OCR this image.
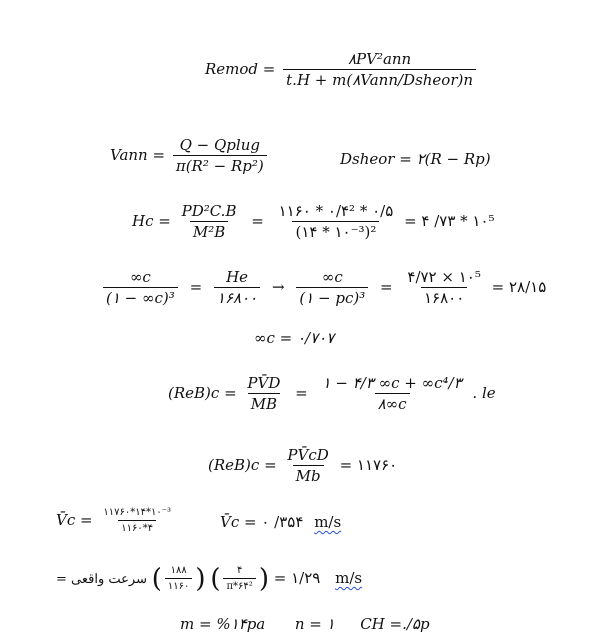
Remod = $\frac{\text{۸PV²ann}}{\text{t.H + m(۸Vann/Dsheor)n}}$
Vann = $\frac{\text{Q − Qplug}}{\text{π(R² − Rp²)}}$	Dsheor = ۲(R − Rp)
$Hc = \frac{\text{PD²C.B}}{\text{M²B}} = \frac{\text{۱۱۶۰ * ۰/۴² * ۰/۵}}{\text{(۱۴ * ۱۰⁻³)²}}$ = ۴ /۷۳ * ۱۰⁵
$\frac{\infty c}{\text{(۱ − ∞c)³}} = \frac{He}{۱۶۸۰۰} \to \frac{\infty c}{\text{(۱ − pc)³}} = \frac{\text{۴/۷۲ × ۱۰⁵}}{۱۶۸۰۰}$ = ۲۸/۱۵
∞c = ۰/۷۰۷
$(ReB)c = \frac{PV̄D}{MB} = \frac{\text{۱ − ۴/۳ ∞c + ∞c⁴/۳}}{۸\infty c}$ . le
$(ReB)c = \frac{PV̄cD}{Mb}$ = ۱۱۷۶۰
V̄c = $\frac{\text{۱۱۷۶۰*۱۴*۱۰⁻³}}{۱۱۶۰*۴}$	V̄c = ۰ /۳۵۴ m/s
سرعت واقعی = ( $\frac{۱۸۸}{۱۱۶۰}$ )
( $\frac{۴}{\text{π*۶۴²}}$ ) = ۱/۲۹ m/s
m = %۱۴pa n = ۱ CH =./۵p
